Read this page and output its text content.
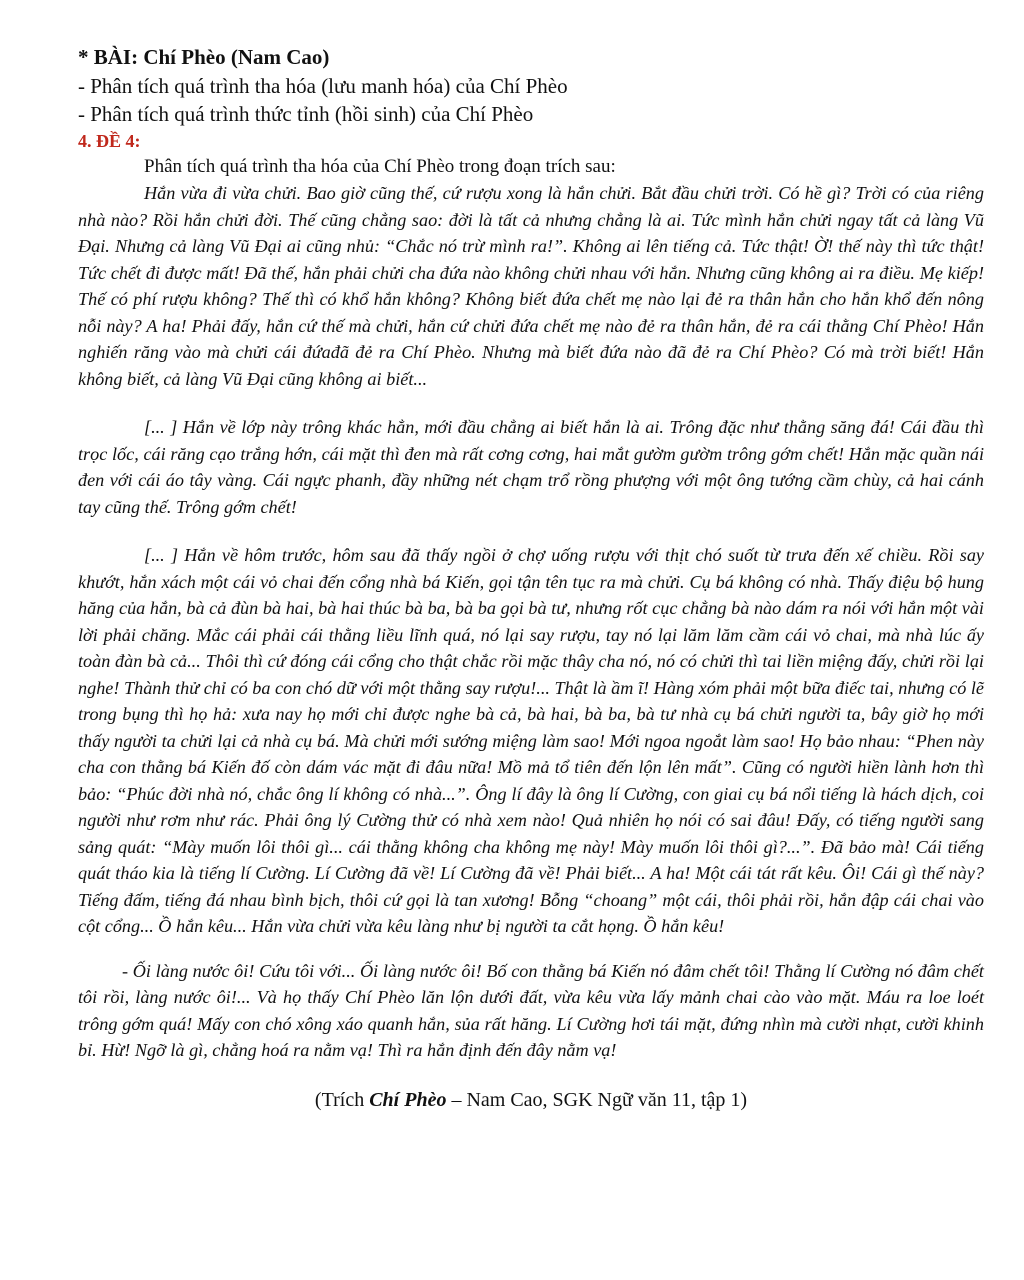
* BÀI: Chí Phèo (Nam Cao)

- Phân tích quá trình tha hóa (lưu manh hóa) của Chí Phèo

- Phân tích quá trình thức tỉnh (hồi sinh) của Chí Phèo

4. ĐỀ 4:

Phân tích quá trình tha hóa của Chí Phèo trong đoạn trích sau:

Hắn vừa đi vừa chửi. Bao giờ cũng thế, cứ rượu xong là hắn chửi. Bắt đầu chửi trời. Có hề gì? Trời có của riêng nhà nào? Rồi hắn chửi đời. Thế cũng chẳng sao: đời là tất cả nhưng chẳng là ai. Tức mình hắn chửi ngay tất cả làng Vũ Đại. Nhưng cả làng Vũ Đại ai cũng nhủ: “Chắc nó trừ mình ra!”. Không ai lên tiếng cả. Tức thật! Ờ! thế này thì tức thật! Tức chết đi được mất! Đã thế, hắn phải chửi cha đứa nào không chửi nhau với hắn. Nhưng cũng không ai ra điều. Mẹ kiếp! Thế có phí rượu không? Thế thì có khổ hắn không? Không biết đứa chết mẹ nào lại đẻ ra thân hắn cho hắn khổ đến nông nỗi này? A ha! Phải đấy, hắn cứ thế mà chửi, hắn cứ chửi đứa chết mẹ nào đẻ ra thân hắn, đẻ ra cái thằng Chí Phèo! Hắn nghiến răng vào mà chửi cái đứađã đẻ ra Chí Phèo. Nhưng mà biết đứa nào đã đẻ ra Chí Phèo? Có mà trời biết! Hắn không biết, cả làng Vũ Đại cũng không ai biết...

[... ] Hắn về lớp này trông khác hẳn, mới đầu chẳng ai biết hắn là ai. Trông đặc như thằng săng đá! Cái đầu thì trọc lốc, cái răng cạo trắng hớn, cái mặt thì đen mà rất cơng cơng, hai mắt gườm gườm trông gớm chết! Hắn mặc quần nái đen với cái áo tây vàng. Cái ngực phanh, đầy những nét chạm trổ rồng phượng với một ông tướng cầm chùy, cả hai cánh tay cũng thế. Trông gớm chết!

[... ] Hắn về hôm trước, hôm sau đã thấy ngồi ở chợ uống rượu với thịt chó suốt từ trưa đến xế chiều. Rồi say khướt, hắn xách một cái vỏ chai đến cổng nhà bá Kiến, gọi tận tên tục ra mà chửi. Cụ bá không có nhà. Thấy điệu bộ hung hăng của hắn, bà cả đùn bà hai, bà hai thúc bà ba, bà ba gọi bà tư, nhưng rốt cục chẳng bà nào dám ra nói với hắn một vài lời phải chăng. Mắc cái phải cái thằng liều lĩnh quá, nó lại say rượu, tay nó lại lăm lăm cầm cái vỏ chai, mà nhà lúc ấy toàn đàn bà cả... Thôi thì cứ đóng cái cổng cho thật chắc rồi mặc thây cha nó, nó có chửi thì tai liền miệng đấy, chửi rồi lại nghe! Thành thử chỉ có ba con chó dữ với một thằng say rượu!... Thật là ầm ĩ! Hàng xóm phải một bữa điếc tai, nhưng có lẽ trong bụng thì họ hả: xưa nay họ mới chỉ được nghe bà cả, bà hai, bà ba, bà tư nhà cụ bá chửi người ta, bây giờ họ mới thấy người ta chửi lại cả nhà cụ bá. Mà chửi mới sướng miệng làm sao! Mới ngoa ngoắt làm sao! Họ bảo nhau: “Phen này cha con thằng bá Kiến đố còn dám vác mặt đi đâu nữa! Mồ mả tổ tiên đến lộn lên mất”. Cũng có người hiền lành hơn thì bảo: “Phúc đời nhà nó, chắc ông lí không có nhà...”. Ông lí đây là ông lí Cường, con giai cụ bá nổi tiếng là hách dịch, coi người như rơm như rác. Phải ông lý Cường thử có nhà xem nào! Quả nhiên họ nói có sai đâu! Đấy, có tiếng người sang sảng quát: “Mày muốn lôi thôi gì... cái thằng không cha không mẹ này! Mày muốn lôi thôi gì?...”. Đã bảo mà! Cái tiếng quát tháo kia là tiếng lí Cường. Lí Cường đã về! Lí Cường đã về! Phải biết... A ha! Một cái tát rất kêu. Ôi! Cái gì thế này? Tiếng đấm, tiếng đá nhau bình bịch, thôi cứ gọi là tan xương! Bỗng “choang” một cái, thôi phải rồi, hắn đập cái chai vào cột cổng... Ồ hắn kêu... Hắn vừa chửi vừa kêu làng như bị người ta cắt họng. Ồ hắn kêu!

- Ối làng nước ôi! Cứu tôi với... Ối làng nước ôi! Bố con thằng bá Kiến nó đâm chết tôi! Thằng lí Cường nó đâm chết tôi rồi, làng nước ôi!... Và họ thấy Chí Phèo lăn lộn dưới đất, vừa kêu vừa lấy mảnh chai cào vào mặt. Máu ra loe loét trông gớm quá! Mấy con chó xông xáo quanh hắn, sủa rất hăng. Lí Cường hơi tái mặt, đứng nhìn mà cười nhạt, cười khinh bỉ. Hừ! Ngỡ là gì, chẳng hoá ra nằm vạ! Thì ra hắn định đến đây nằm vạ!

(Trích Chí Phèo – Nam Cao, SGK Ngữ văn 11, tập 1)
